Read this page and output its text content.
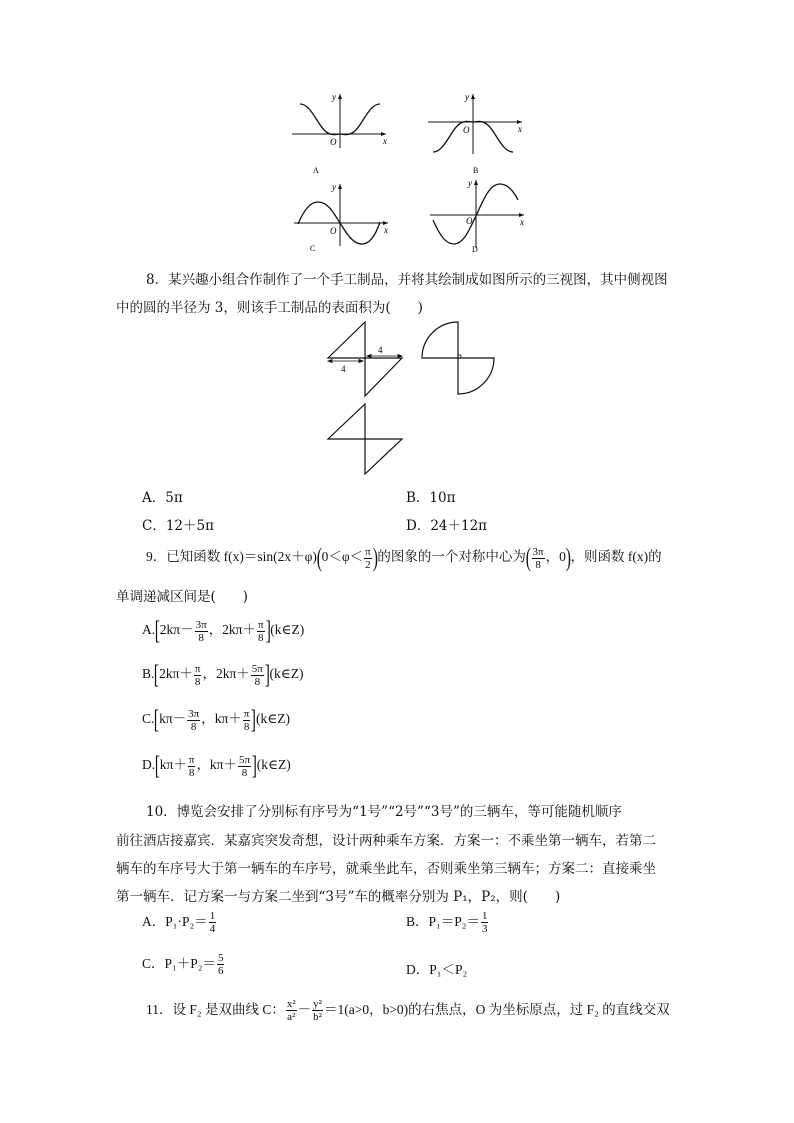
y
x
O
A
y
x
O
B
y
x
O
C
y
x
O
D
8．某兴趣小组合作制作了一个手工制品，并将其绘制成如图所示的三视图，其中侧视图
中的圆的半径为 3，则该手工制品的表面积为(　　)
4
4
A．5π	B．10π
C．12＋5π	D．24＋12π
9．已知函数 $f(x)=\sin(2x+\varphi)(0<\varphi< \frac{\pi}{2}$ )的图象的一个对称中心为( $\frac{3\pi}{8}$ ，0)，则函数 f(x)的
单调递减区间是(　　)
$A.[2k\pi- \frac{3\pi}{8}$ ，$2k\pi+ \frac{\pi}{8}$ ](k∈Z)
$B.[2k\pi+ \frac{\pi}{8}$ ，$2k\pi+ \frac{5\pi}{8}$ ](k∈Z)
$C.[k\pi- \frac{3\pi}{8}$ ，$k\pi+ \frac{\pi}{8}$ ](k∈Z)
$D.[k\pi+ \frac{\pi}{8}$ ，$k\pi+ \frac{5\pi}{8}$ ](k∈Z)
10．博览会安排了分别标有序号为“1号”“2号”“3号”的三辆车，等可能随机顺序
前往酒店接嘉宾．某嘉宾突发奇想，设计两种乘车方案．方案一：不乘坐第一辆车，若第二
辆车的车序号大于第一辆车的车序号，就乘坐此车，否则乘坐第三辆车；方案二：直接乘坐
第一辆车．记方案一与方案二坐到“3号”车的概率分别为 P₁，P₂，则(　　)
A．$P_1\cdot P_2= \frac{1}{4}$	B．$P_1=P_2= \frac{1}{3}$
C．$P_1+P_2= \frac{5}{6}$	D．P₁＜P₂
11．设 F₂ 是双曲线 C： $\frac{\text{x²}}{\text{a²}} - \frac{\text{y²}}{\text{b²}} =1(a>0$，b>0)的右焦点，O 为坐标原点，过 F₂ 的直线交双
